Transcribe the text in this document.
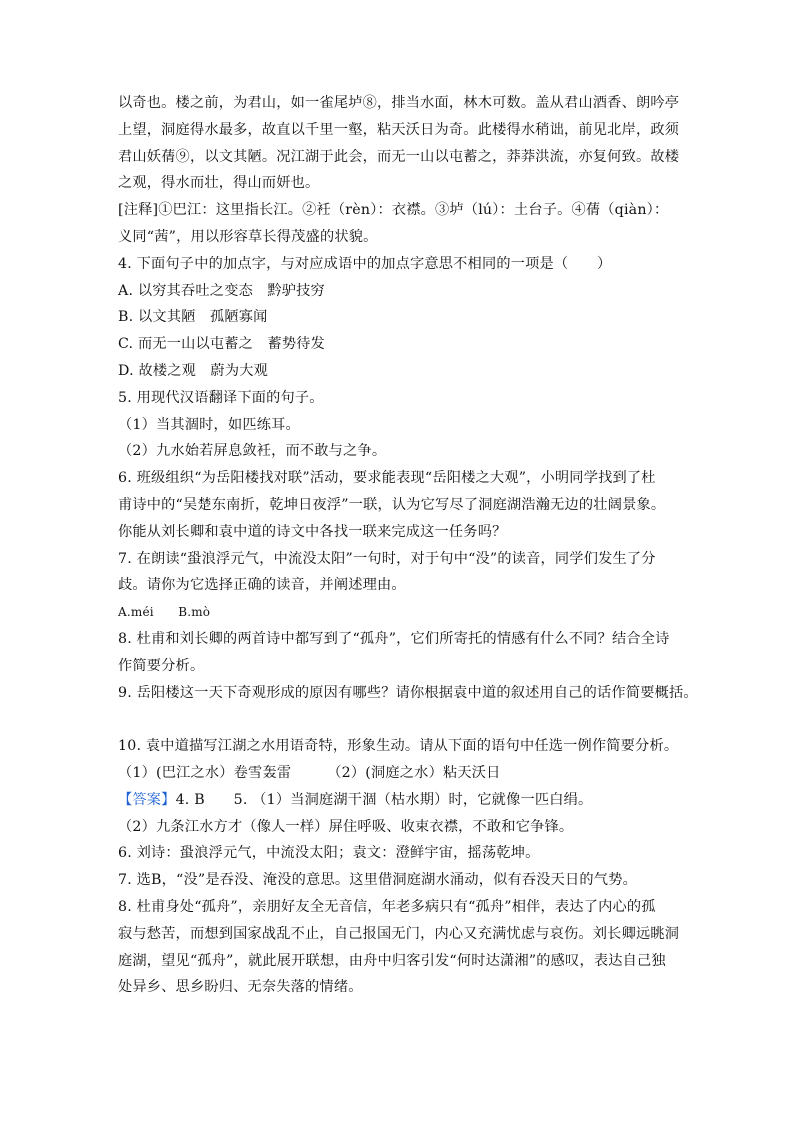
以奇也。楼之前，为君山，如一雀尾垆⑧，排当水面，林木可数。盖从君山酒香、朗吟亭
上望，洞庭得水最多，故直以千里一壑，粘天沃日为奇。此楼得水稍诎，前见北岸，政须
君山妖蒨⑨，以文其陋。况江湖于此会，而无一山以屯蓄之，莽莽洪流，亦复何致。故楼
之观，得水而壮，得山而妍也。
[注释]①巴江：这里指长江。②衽（rèn）：衣襟。③垆（lú）：土台子。④蒨（qiàn）：
义同“茜”，用以形容草长得茂盛的状貌。
4. 下面句子中的加点字，与对应成语中的加点字意思不相同的一项是（　　）
A. 以穷其吞吐之变态　黔驴技穷
B. 以文其陋　孤陋寡闻
C. 而无一山以屯蓄之　蓄势待发
D. 故楼之观　蔚为大观
5. 用现代汉语翻译下面的句子。
（1）当其涸时，如匹练耳。
（2）九水始若屏息敛衽，而不敢与之争。
6. 班级组织“为岳阳楼找对联”活动，要求能表现“岳阳楼之大观”，小明同学找到了杜
甫诗中的“吴楚东南折，乾坤日夜浮”一联，认为它写尽了洞庭湖浩瀚无边的壮阔景象。
你能从刘长卿和袁中道的诗文中各找一联来完成这一任务吗？
7. 在朗读“蛩浪浮元气，中流没太阳”一句时，对于句中“没”的读音，同学们发生了分
歧。请你为它选择正确的读音，并阐述理由。
A.méi　　B.mò
8. 杜甫和刘长卿的两首诗中都写到了“孤舟”，它们所寄托的情感有什么不同？结合全诗
作简要分析。
9. 岳阳楼这一天下奇观形成的原因有哪些？请你根据袁中道的叙述用自己的话作简要概括。
10. 袁中道描写江湖之水用语奇特，形象生动。请从下面的语句中任选一例作简要分析。
（1）(巴江之水）卷雪轰雷　　　（2）(洞庭之水）粘天沃日
【答案】4. B　　5. （1）当洞庭湖干涸（枯水期）时，它就像一匹白绢。
（2）九条江水方才（像人一样）屏住呼吸、收束衣襟，不敢和它争锋。
6. 刘诗：蛩浪浮元气，中流没太阳；袁文：澄鲜宇宙，摇荡乾坤。
7. 选B，“没”是吞没、淹没的意思。这里借洞庭湖水涌动，似有吞没天日的气势。
8. 杜甫身处“孤舟”，亲朋好友全无音信，年老多病只有“孤舟”相伴，表达了内心的孤
寂与愁苦，而想到国家战乱不止，自己报国无门，内心又充满忧虑与哀伤。刘长卿远眺洞
庭湖，望见“孤舟”，就此展开联想，由舟中归客引发“何时达潇湘”的感叹，表达自己独
处异乡、思乡盼归、无奈失落的情绪。
